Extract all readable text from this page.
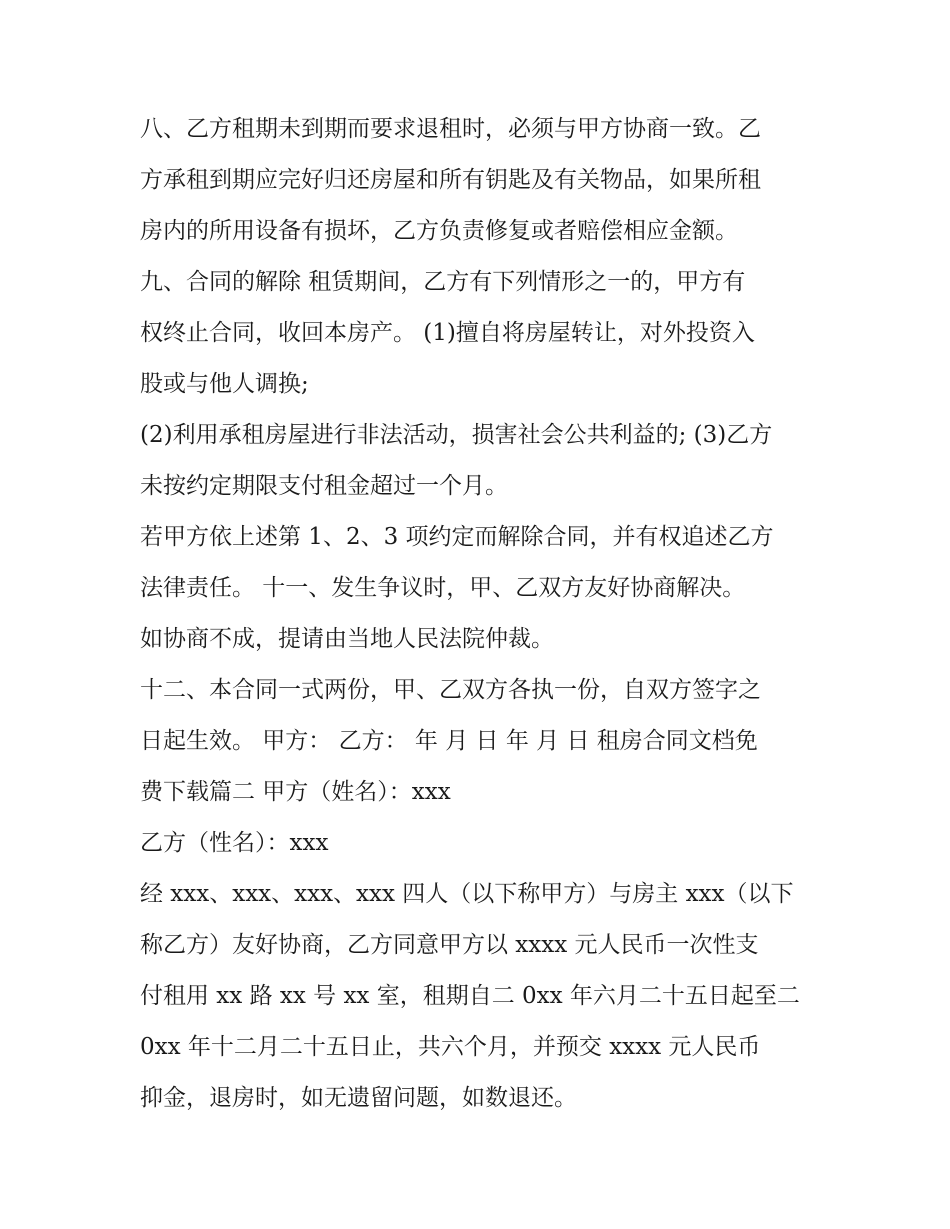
八、乙方租期未到期而要求退租时，必须与甲方协商一致。乙
方承租到期应完好归还房屋和所有钥匙及有关物品，如果所租
房内的所用设备有损坏，乙方负责修复或者赔偿相应金额。
九、合同的解除 租赁期间，乙方有下列情形之一的，甲方有
权终止合同，收回本房产。 (1)擅自将房屋转让，对外投资入
股或与他人调换;
(2)利用承租房屋进行非法活动，损害社会公共利益的; (3)乙方
未按约定期限支付租金超过一个月。
若甲方依上述第 1、2、3 项约定而解除合同，并有权追述乙方
法律责任。 十一、发生争议时，甲、乙双方友好协商解决。
如协商不成，提请由当地人民法院仲裁。
十二、本合同一式两份，甲、乙双方各执一份，自双方签字之
日起生效。 甲方： 乙方： 年 月 日 年 月 日 租房合同文档免
费下载篇二 甲方（姓名）：xxx
乙方（性名）：xxx
经 xxx、xxx、xxx、xxx 四人（以下称甲方）与房主 xxx（以下
称乙方）友好协商，乙方同意甲方以 xxxx 元人民币一次性支
付租用 xx 路 xx 号 xx 室，租期自二 0xx 年六月二十五日起至二
0xx 年十二月二十五日止，共六个月，并预交 xxxx 元人民币
抑金，退房时，如无遗留问题，如数退还。
